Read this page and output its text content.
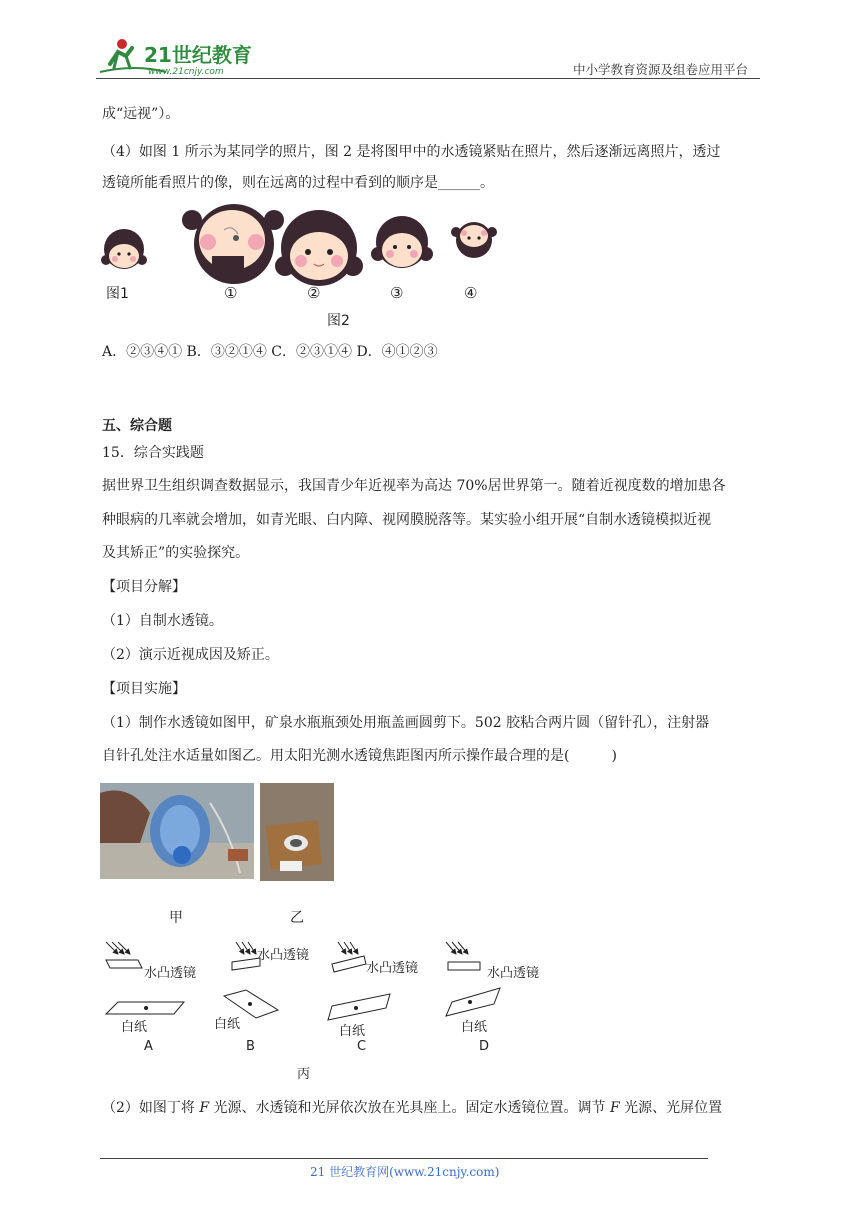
21世纪教育
www.21cnjy.com	中小学教育资源及组卷应用平台
成“远视”）。
（4）如图 1 所示为某同学的照片，图 2 是将图甲中的水透镜紧贴在照片，然后逐渐远离照片，透过
透镜所能看照片的像，则在远离的过程中看到的顺序是______。
图1	①	②	③	④
图2
A．②③④① B．③②①④ C．②③①④ D．④①②③
五、综合题
15．综合实践题
据世界卫生组织调查数据显示，我国青少年近视率为高达 70%居世界第一。随着近视度数的增加患各
种眼病的几率就会增加，如青光眼、白内障、视网膜脱落等。某实验小组开展“自制水透镜模拟近视
及其矫正”的实验探究。
【项目分解】
（1）自制水透镜。
（2）演示近视成因及矫正。
【项目实施】
（1）制作水透镜如图甲，矿泉水瓶瓶颈处用瓶盖画圆剪下。502 胶粘合两片圆（留针孔），注射器
自针孔处注水适量如图乙。用太阳光测水透镜焦距图丙所示操作最合理的是(　　　)
甲	乙
水凸透镜
水凸透镜
水凸透镜	水凸透镜
白纸	白纸	白纸	白纸
A	B	C	D
丙
（2）如图丁将 F 光源、水透镜和光屏依次放在光具座上。固定水透镜位置。调节 F 光源、光屏位置
21 世纪教育网(www.21cnjy.com)
